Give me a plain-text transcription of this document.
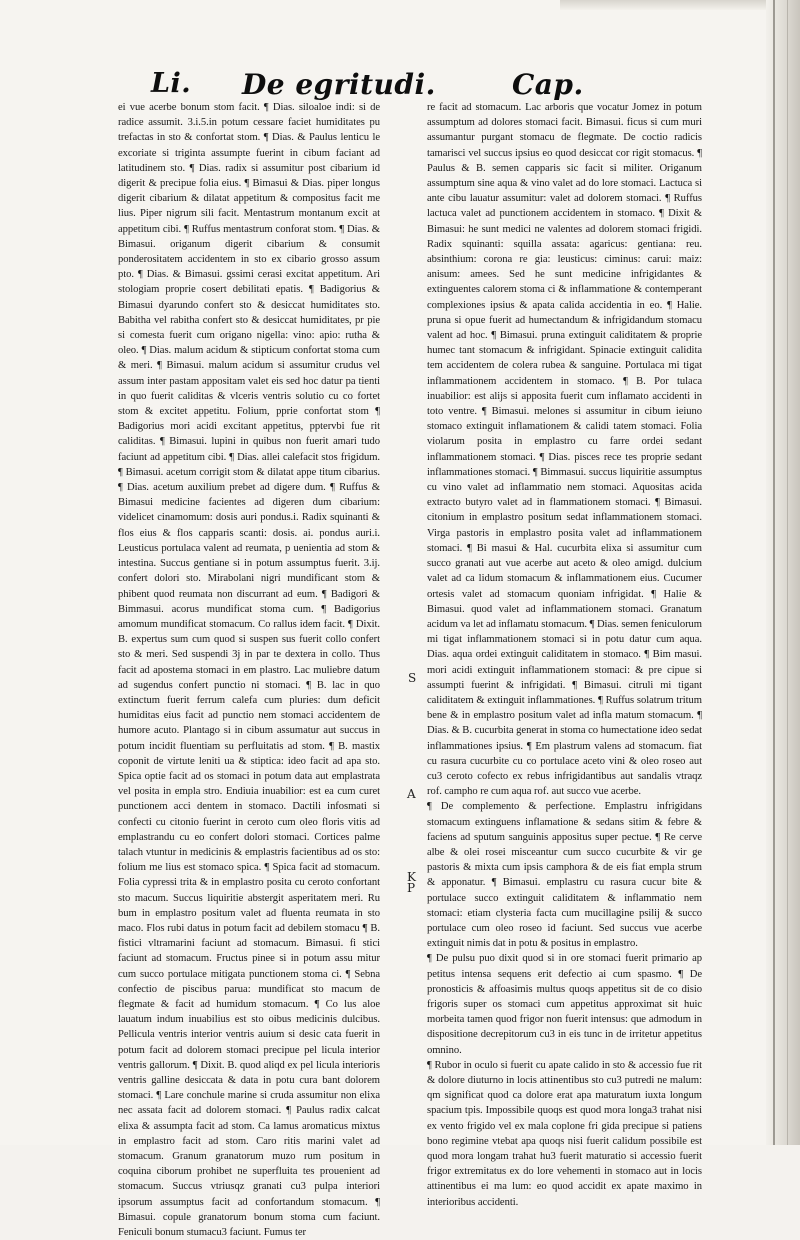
Li. De egritudi.	Cap.

ei vue acerbe bonum stom facit. ¶ Dias. siloaloe indi: si de radice assumit. 3.i.5.in potum cessare faciet humiditates pu trefactas in sto & confortat stom. ¶ Dias. & Paulus lenticu le excoriate si triginta assumpte fuerint in cibum faciant ad latitudinem sto. ¶ Dias. radix si assumitur post cibarium id digerit & precipue folia eius. ¶ Bimasui & Dias. piper longus digerit cibarium & dilatat appetitum & compositus facit me lius. Piper nigrum sili facit. Mentastrum montanum excit at appetitum cibi. ¶ Ruffus mentastrum conforat stom. ¶ Dias. & Bimasui. origanum digerit cibarium & consumit ponderositatem accidentem in sto ex cibario grosso assum pto. ¶ Dias. & Bimasui. gssimi cerasi excitat appetitum. Ari stologiam proprie cosert debilitati epatis. ¶ Badigorius & Bimasui dyarundo confert sto & desiccat humiditates sto. Babitha vel rabitha confert sto & desiccat humiditates, pr pie si comesta fuerit cum origano nigella: vino: apio: rutha & oleo. ¶ Dias. malum acidum & stipticum confortat stoma cum & meri. ¶ Bimasui. malum acidum si assumitur crudus vel assum inter pastam appositam valet eis sed hoc datur pa tienti in quo fuerit caliditas & vlceris ventris solutio cu co fortet stom & excitet appetitu. Folium, pprie confortat stom ¶ Badigorius mori acidi excitant appetitus, pptervbi fue rit caliditas. ¶ Bimasui. lupini in quibus non fuerit amari tudo faciunt ad appetitum cibi. ¶ Dias. allei calefacit stos frigidum. ¶ Bimasui. acetum corrigit stom & dilatat appe titum cibarius. ¶ Dias. acetum auxilium prebet ad digere dum. ¶ Ruffus & Bimasui medicine facientes ad digeren dum cibarium: videlicet cinamomum: dosis auri pondus.i. Radix squinanti & flos eius & flos capparis scanti: dosis. ai. pondus auri.i. Leusticus portulaca valent ad reumata, p uenientia ad stom & intestina. Succus gentiane si in potum assumptus fuerit. 3.ij. confert dolori sto. Mirabolani nigri mundificant stom & phibent quod reumata non discurrant ad eum. ¶ Badigori & Bimmasui. acorus mundificat stoma cum. ¶ Badigorius amomum mundificat stomacum. Co rallus idem facit. ¶ Dixit. B. expertus sum cum quod si suspen sus fuerit collo confert sto & meri. Sed suspendi 3j in par te dextera in collo. Thus facit ad apostema stomaci in em plastro. Lac muliebre datum ad sugendus confert punctio ni stomaci. ¶ B. lac in quo extinctum fuerit ferrum calefa cum pluries: dum deficit humiditas eius facit ad punctio nem stomaci accidentem de humore acuto. Plantago si in cibum assumatur aut succus in potum incidit fluentiam su perfluitatis ad stom. ¶ B. mastix coponit de virtute leniti ua & stiptica: ideo facit ad apa sto. Spica optie facit ad os stomaci in potum data aut emplastrata vel posita in empla stro. Endiuia inuabilior: est ea cum curet punctionem acci dentem in stomaco. Dactili infosmati si confecti cu citonio fuerint in ceroto cum oleo floris vitis ad emplastrandu cu eo confert dolori stomaci. Cortices palme talach vtuntur in medicinis & emplastris facientibus ad os sto: folium me lius est stomaco spica. ¶ Spica facit ad stomacum. Folia cypressi trita & in emplastro posita cu ceroto confortant sto macum. Succus liquiritie abstergit asperitatem meri. Ru bum in emplastro positum valet ad fluenta reumata in sto maco. Flos rubi datus in potum facit ad debilem stomacu ¶ B. fistici vltramarini faciunt ad stomacum. Bimasui. fi stici faciunt ad stomacum. Fructus pinee si in potum assu mitur cum succo portulace mitigata punctionem stoma ci. ¶ Sebna confectio de piscibus parua: mundificat sto macum de flegmate & facit ad humidum stomacum. ¶ Co lus aloe lauatum indum inuabilius est sto oibus medicinis dulcibus. Pellicula ventris interior ventris auium si desic cata fuerit in potum facit ad dolorem stomaci precipue pel licula interior ventris gallorum. ¶ Dixit. B. quod aliqd ex pel licula interioris ventris galline desiccata & data in potu cura bant dolorem stomaci. ¶ Lare conchule marine si cruda assumitur non elixa nec assata facit ad dolorem stomaci. ¶ Paulus radix calcat elixa & assumpta facit ad stom. Ca lamus aromaticus mixtus in emplastro facit ad stom. Caro ritis marini valet ad stomacum. Granum granatorum muzo rum positum in coquina ciborum prohibet ne superfluita tes prouenient ad stomacum. Succus vtriusqz granati cu3 pulpa interiori ipsorum assumptus facit ad confortandum stomacum. ¶ Bimasui. copule granatorum bonum stoma cum faciunt. Feniculi bonum stumacu3 faciunt. Fumus ter

re facit ad stomacum. Lac arboris que vocatur Jomez in potum assumptum ad dolores stomaci facit. Bimasui. ficus si cum muri assumantur purgant stomacu de flegmate. De coctio radicis tamarisci vel succus ipsius eo quod desiccat cor rigit stomacus. ¶ Paulus & B. semen capparis sic facit si militer. Origanum assumptum sine aqua & vino valet ad do lore stomaci. Lactuca si ante cibu lauatur assumitur: valet ad dolorem stomaci. ¶ Ruffus lactuca valet ad punctionem accidentem in stomaco. ¶ Dixit & Bimasui: he sunt medici ne valentes ad dolorem stomaci frigidi. Radix squinanti: squilla assata: agaricus: gentiana: reu. absinthium: corona re gia: leusticus: ciminus: carui: maiz: anisum: amees. Sed he sunt medicine infrigidantes & extinguentes calorem stoma ci & inflammatione & contemperant complexiones ipsius & apata calida accidentia in eo. ¶ Halie. pruna si opue fuerit ad humectandum & infrigidandum stomacu valent ad hoc. ¶ Bimasui. pruna extinguit caliditatem & proprie humec tant stomacum & infrigidant. Spinacie extinguit calidita tem accidentem de colera rubea & sanguine. Portulaca mi tigat inflammationem accidentem in stomaco. ¶ B. Por tulaca inuabilior: est alijs si apposita fuerit cum inflamato accidenti in toto ventre. ¶ Bimasui. melones si assumitur in cibum ieiuno stomaco extinguit inflamationem & calidi tatem stomaci. Folia violarum posita in emplastro cu farre ordei sedant inflammationem stomaci. ¶ Dias. pisces rece tes proprie sedant inflammationes stomaci. ¶ Bimmasui. succus liquiritie assumptus cu vino valet ad inflammatio nem stomaci. Aquositas acida extracto butyro valet ad in flammationem stomaci. ¶ Bimasui. citonium in emplastro positum sedat inflammationem stomaci. Virga pastoris in emplastro posita valet ad inflammationem stomaci. ¶ Bi masui & Hal. cucurbita elixa si assumitur cum succo granati aut vue acerbe aut aceto & oleo amigd. dulcium valet ad ca lidum stomacum & inflammationem eius. Cucumer ortesis valet ad stomacum quoniam infrigidat. ¶ Halie & Bimasui. quod valet ad inflammationem stomaci. Granatum acidum va let ad inflamatu stomacum. ¶ Dias. semen feniculorum mi tigat inflammationem stomaci si in potu datur cum aqua. Dias. aqua ordei extinguit caliditatem in stomaco. ¶ Bim masui. mori acidi extinguit inflammationem stomaci: & pre cipue si assumpti fuerint & infrigidati. ¶ Bimasui. citruli mi tigant caliditatem & extinguit inflammationes. ¶ Ruffus solatrum tritum bene & in emplastro positum valet ad infla matum stomacum. ¶ Dias. & B. cucurbita generat in stoma co humectatione ideo sedat inflammationes ipsius. ¶ Em plastrum valens ad stomacum. fiat cu rasura cucurbite cu co portulace aceto vini & oleo roseo aut cu3 ceroto cofecto ex rebus infrigidantibus aut sandalis vtraqz rof. campho re cum aqua rof. aut succo vue acerbe.

¶ De complemento & perfectione. Emplastru infrigidans stomacum extinguens inflamatione & sedans sitim & febre & faciens ad sputum sanguinis appositus super pectue. ¶ Re cerve albe & olei rosei misceantur cum succo cucurbite & vir ge pastoris & mixta cum ipsis camphora & de eis fiat empla strum & apponatur. ¶ Bimasui. emplastru cu rasura cucur bite & portulace succo extinguit caliditatem & inflammatio nem stomaci: etiam clysteria facta cum mucillagine psilij & succo portulace cum oleo roseo id faciunt. Sed succus vue acerbe extinguit nimis dat in potu & positus in emplastro.

¶ De pulsu puo dixit quod si in ore stomaci fuerit primario ap petitus intensa sequens erit defectio ai cum spasmo. ¶ De pronosticis & affoasimis multus quoqs appetitus sit de co disio frigoris super os stomaci cum appetitus approximat sit huic morbeita tamen quod frigor non fuerit intensus: que admodum in dispositione decrepitorum cu3 in eis tunc in de irritetur appetitus omnino.

¶ Rubor in oculo si fuerit cu apate calido in sto & accessio fue rit & dolore diuturno in locis attinentibus sto cu3 putredi ne malum: qm significat quod ca dolore erat apa maturatum iuxta longum spacium tpis. Impossibile quoqs est quod mora longa3 trahat nisi ex vento frigido vel ex mala coplone fri gida precipue si patiens bono regimine vtebat apa quoqs nisi fuerit calidum possibile est quod mora longam trahat hu3 fuerit maturatio si accessio fuerit frigor extremitatus ex do lore vehementi in stomaco aut in locis attinentibus ei ma lum: eo quod accidit ex apate maximo in interioribus accidenti.

S
A
K
P
